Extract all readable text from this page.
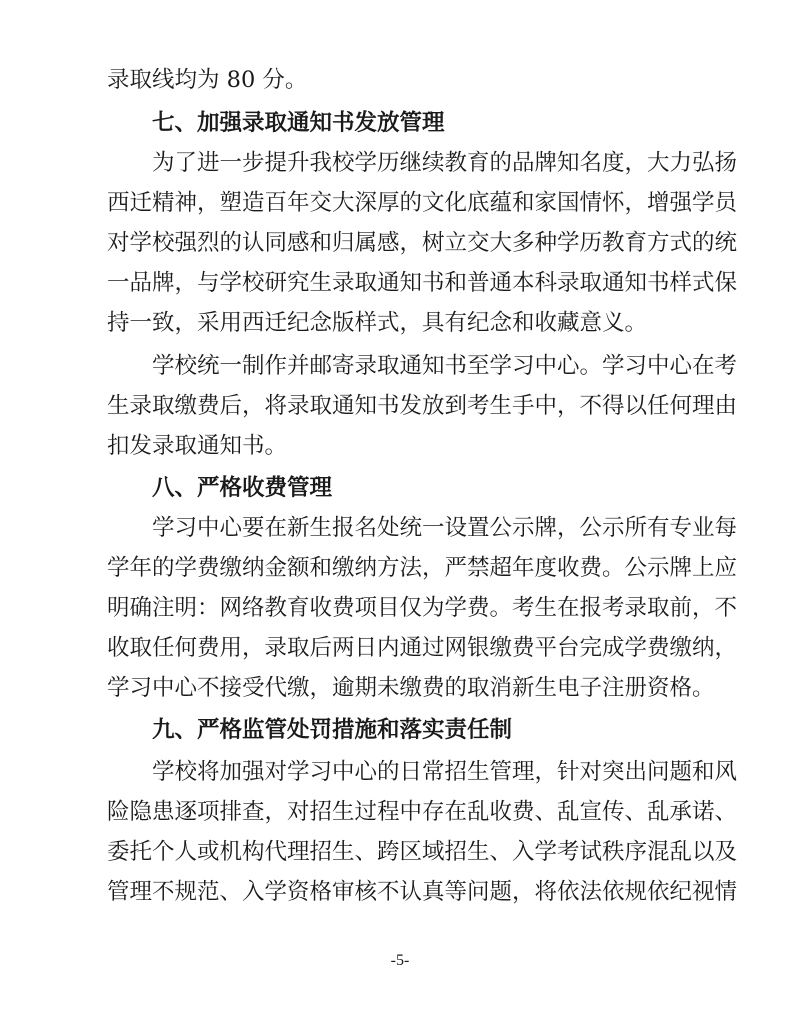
录取线均为 80 分。
七、加强录取通知书发放管理
为了进一步提升我校学历继续教育的品牌知名度，大力弘扬
西迁精神，塑造百年交大深厚的文化底蕴和家国情怀，增强学员
对学校强烈的认同感和归属感，树立交大多种学历教育方式的统
一品牌，与学校研究生录取通知书和普通本科录取通知书样式保
持一致，采用西迁纪念版样式，具有纪念和收藏意义。
学校统一制作并邮寄录取通知书至学习中心。学习中心在考
生录取缴费后，将录取通知书发放到考生手中，不得以任何理由
扣发录取通知书。
八、严格收费管理
学习中心要在新生报名处统一设置公示牌，公示所有专业每
学年的学费缴纳金额和缴纳方法，严禁超年度收费。公示牌上应
明确注明：网络教育收费项目仅为学费。考生在报考录取前，不
收取任何费用，录取后两日内通过网银缴费平台完成学费缴纳，
学习中心不接受代缴，逾期未缴费的取消新生电子注册资格。
九、严格监管处罚措施和落实责任制
学校将加强对学习中心的日常招生管理，针对突出问题和风
险隐患逐项排查，对招生过程中存在乱收费、乱宣传、乱承诺、
委托个人或机构代理招生、跨区域招生、入学考试秩序混乱以及
管理不规范、入学资格审核不认真等问题，将依法依规依纪视情
-5-
